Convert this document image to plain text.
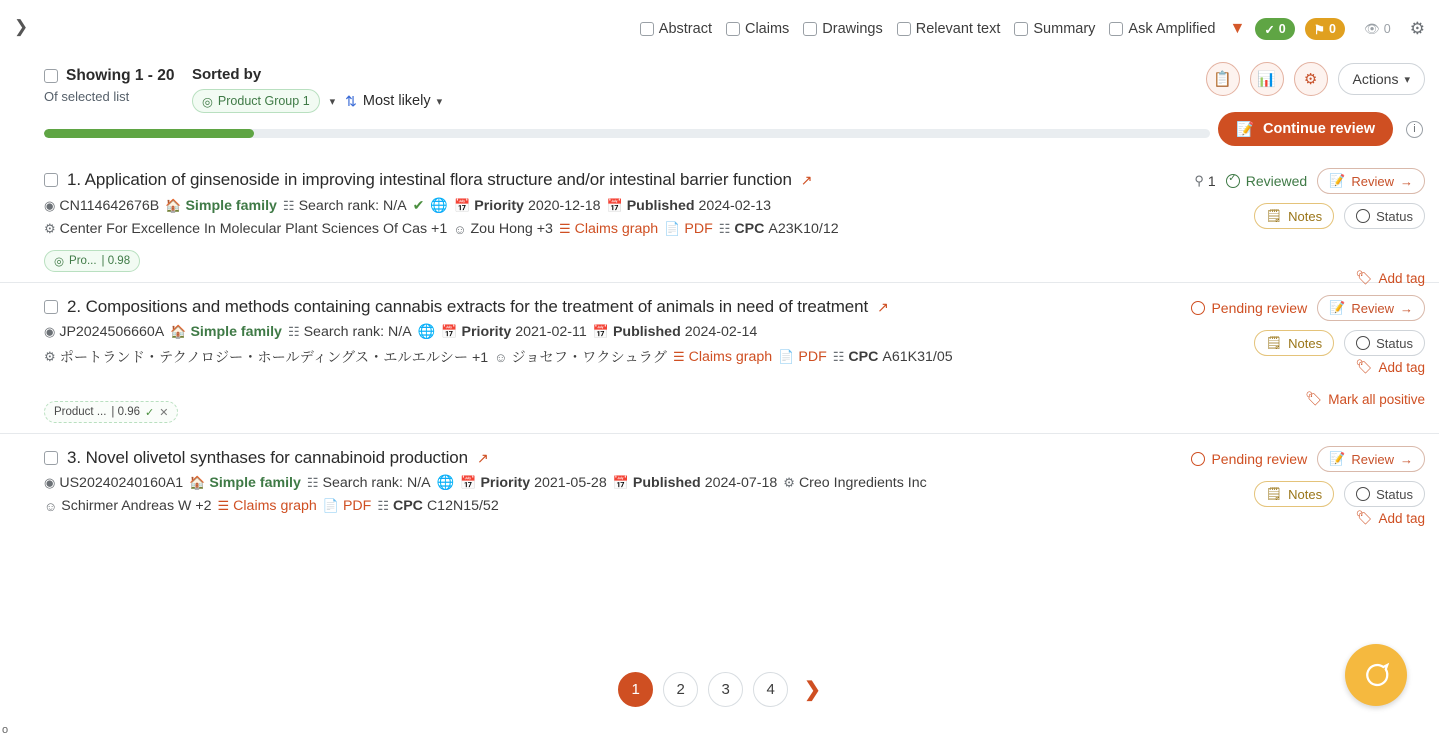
❯	Abstract Claims Drawings Relevant text Summary Ask Amplified ▼︎ ✓ 0 ⚑ 0 👁 0 ⚙
Showing 1 - 20
Of selected list
Sorted by
◎ Product Group 1 ▾ ⇅ Most likely ▾
📋	📊	⚙	Actions ▾
📝 Continue review	i
1. Application of ginsenoside in improving intestinal flora structure and/or intestinal barrier function ↗
◉ CN114642676B 🏠 Simple family ☷ Search rank: N/A ✔︎ 🌐 📅 Priority 2020-12-18 📅 Published 2024-02-13
⚙ Center For Excellence In Molecular Plant Sciences Of Cas +1 ☺ Zou Hong +3 ☰ Claims graph 📄 PDF ☷ CPC A23K10/12
◎ Pro... | 0.98
⚲ 1 ✓ Reviewed 📝 Review →
🗒 Notes	Status
🏷 Add tag
2. Compositions and methods containing cannabis extracts for the treatment of animals in need of treatment ↗
◉ JP2024506660A 🏠 Simple family ☷ Search rank: N/A 🌐 📅 Priority 2021-02-11 📅 Published 2024-02-14
⚙ ポートランド・テクノロジー・ホールディングス・エルエルシー +1 ☺ ジョセフ・ワクシュラグ ☰ Claims graph 📄 PDF ☷ CPC A61K31/05
Product ... | 0.96 ✓ ✕
Pending review 📝 Review →
🗒 Notes	Status
🏷 Add tag
🏷 Mark all positive
3. Novel olivetol synthases for cannabinoid production ↗
◉ US20240240160A1 🏠 Simple family ☷ Search rank: N/A 🌐 📅 Priority 2021-05-28 📅 Published 2024-07-18 ⚙ Creo Ingredients Inc
☺ Schirmer Andreas W +2 ☰ Claims graph 📄 PDF ☷ CPC C12N15/52
Pending review 📝 Review →
🗒 Notes	Status
🏷 Add tag
1	2	3	4	❯
o
